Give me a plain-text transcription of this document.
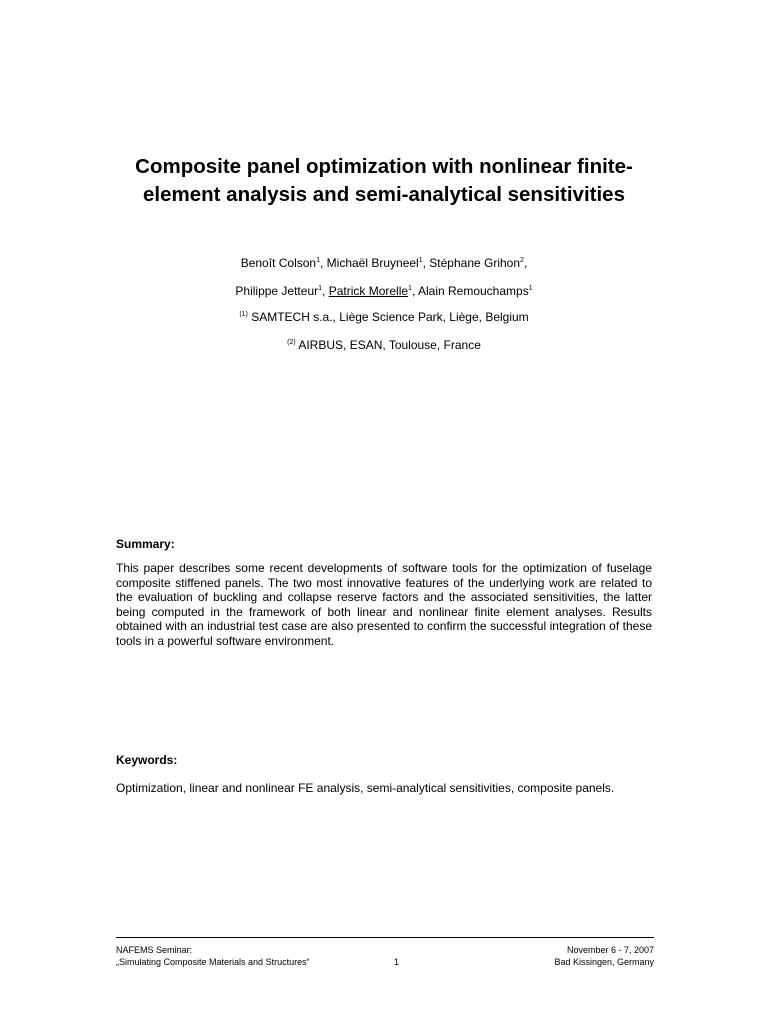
Composite panel optimization with nonlinear finite-
element analysis and semi-analytical sensitivities
Benoît Colson$^1$, Michaël Bruyneel$^1$, Stéphane Grihon$^2$,
Philippe Jetteur$^1$, Patrick Morelle$^1$, Alain Remouchamps$^1$
$^{(1)}$ SAMTECH s.a., Liège Science Park, Liège, Belgium
$^{(2)}$ AIRBUS, ESAN, Toulouse, France
Summary:

This paper describes some recent developments of software tools for the optimization of fuselage composite stiffened panels. The two most innovative features of the underlying work are related to the evaluation of buckling and collapse reserve factors and the associated sensitivities, the latter being computed in the framework of both linear and nonlinear finite element analyses. Results obtained with an industrial test case are also presented to confirm the successful integration of these tools in a powerful software environment.

Keywords:

Optimization, linear and nonlinear FE analysis, semi-analytical sensitivities, composite panels.

NAFEMS Seminar:
„Simulating Composite Materials and Structures“	1
November 6 - 7, 2007
Bad Kissingen, Germany
